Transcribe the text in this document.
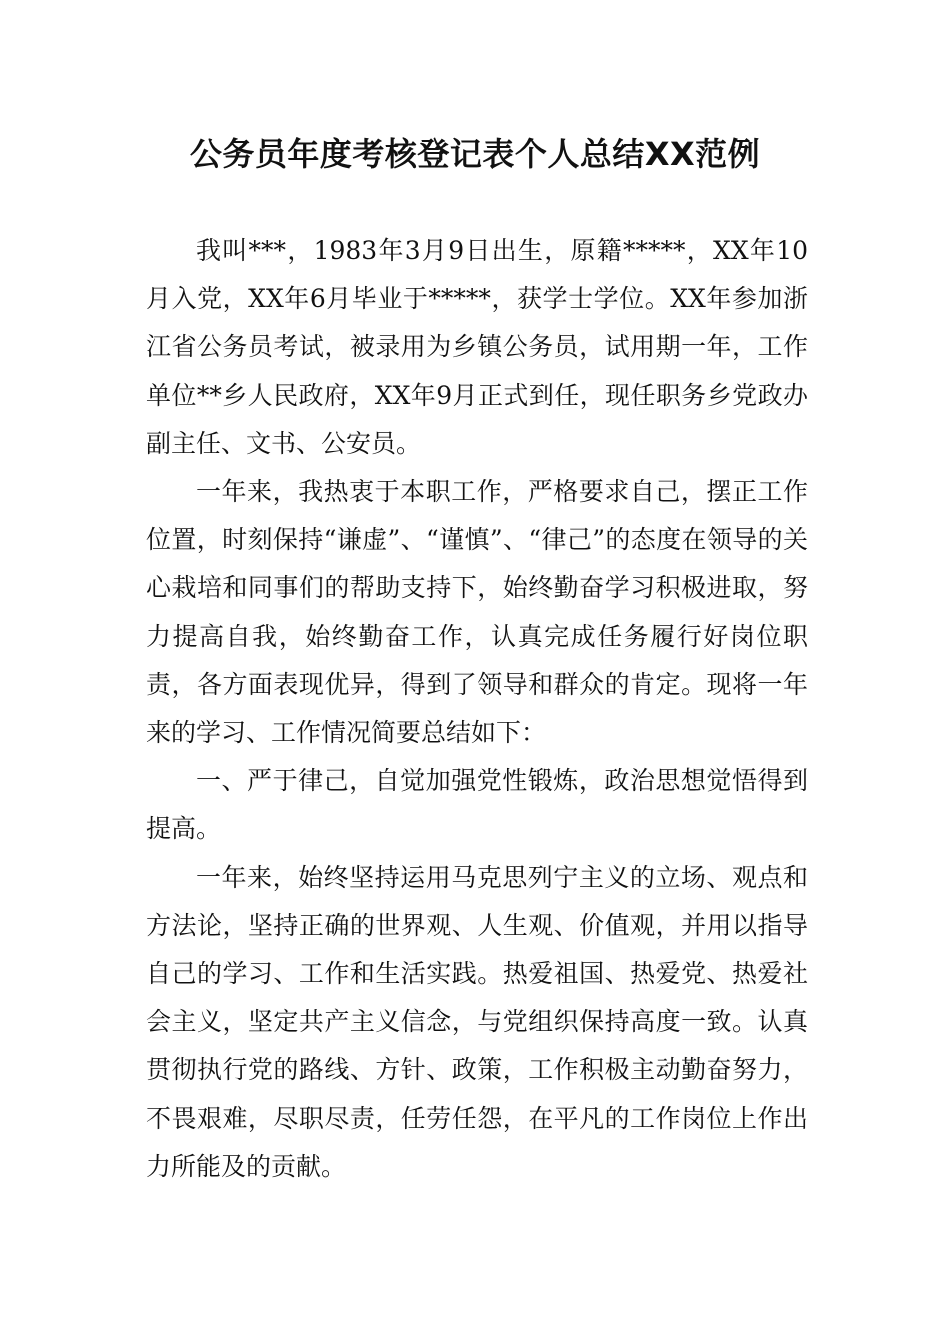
公务员年度考核登记表个人总结XX范例

我叫***，1983年3月9日出生，原籍*****，XX年10月入党，XX年6月毕业于*****，获学士学位。XX年参加浙江省公务员考试，被录用为乡镇公务员，试用期一年，工作单位**乡人民政府，XX年9月正式到任，现任职务乡党政办副主任、文书、公安员。

一年来，我热衷于本职工作，严格要求自己，摆正工作位置，时刻保持“谦虚”、“谨慎”、“律己”的态度在领导的关心栽培和同事们的帮助支持下，始终勤奋学习积极进取，努力提高自我，始终勤奋工作，认真完成任务履行好岗位职责，各方面表现优异，得到了领导和群众的肯定。现将一年来的学习、工作情况简要总结如下：

一、严于律己，自觉加强党性锻炼，政治思想觉悟得到提高。

一年来，始终坚持运用马克思列宁主义的立场、观点和方法论，坚持正确的世界观、人生观、价值观，并用以指导自己的学习、工作和生活实践。热爱祖国、热爱党、热爱社会主义，坚定共产主义信念，与党组织保持高度一致。认真贯彻执行党的路线、方针、政策，工作积极主动勤奋努力，不畏艰难，尽职尽责，任劳任怨，在平凡的工作岗位上作出力所能及的贡献。
